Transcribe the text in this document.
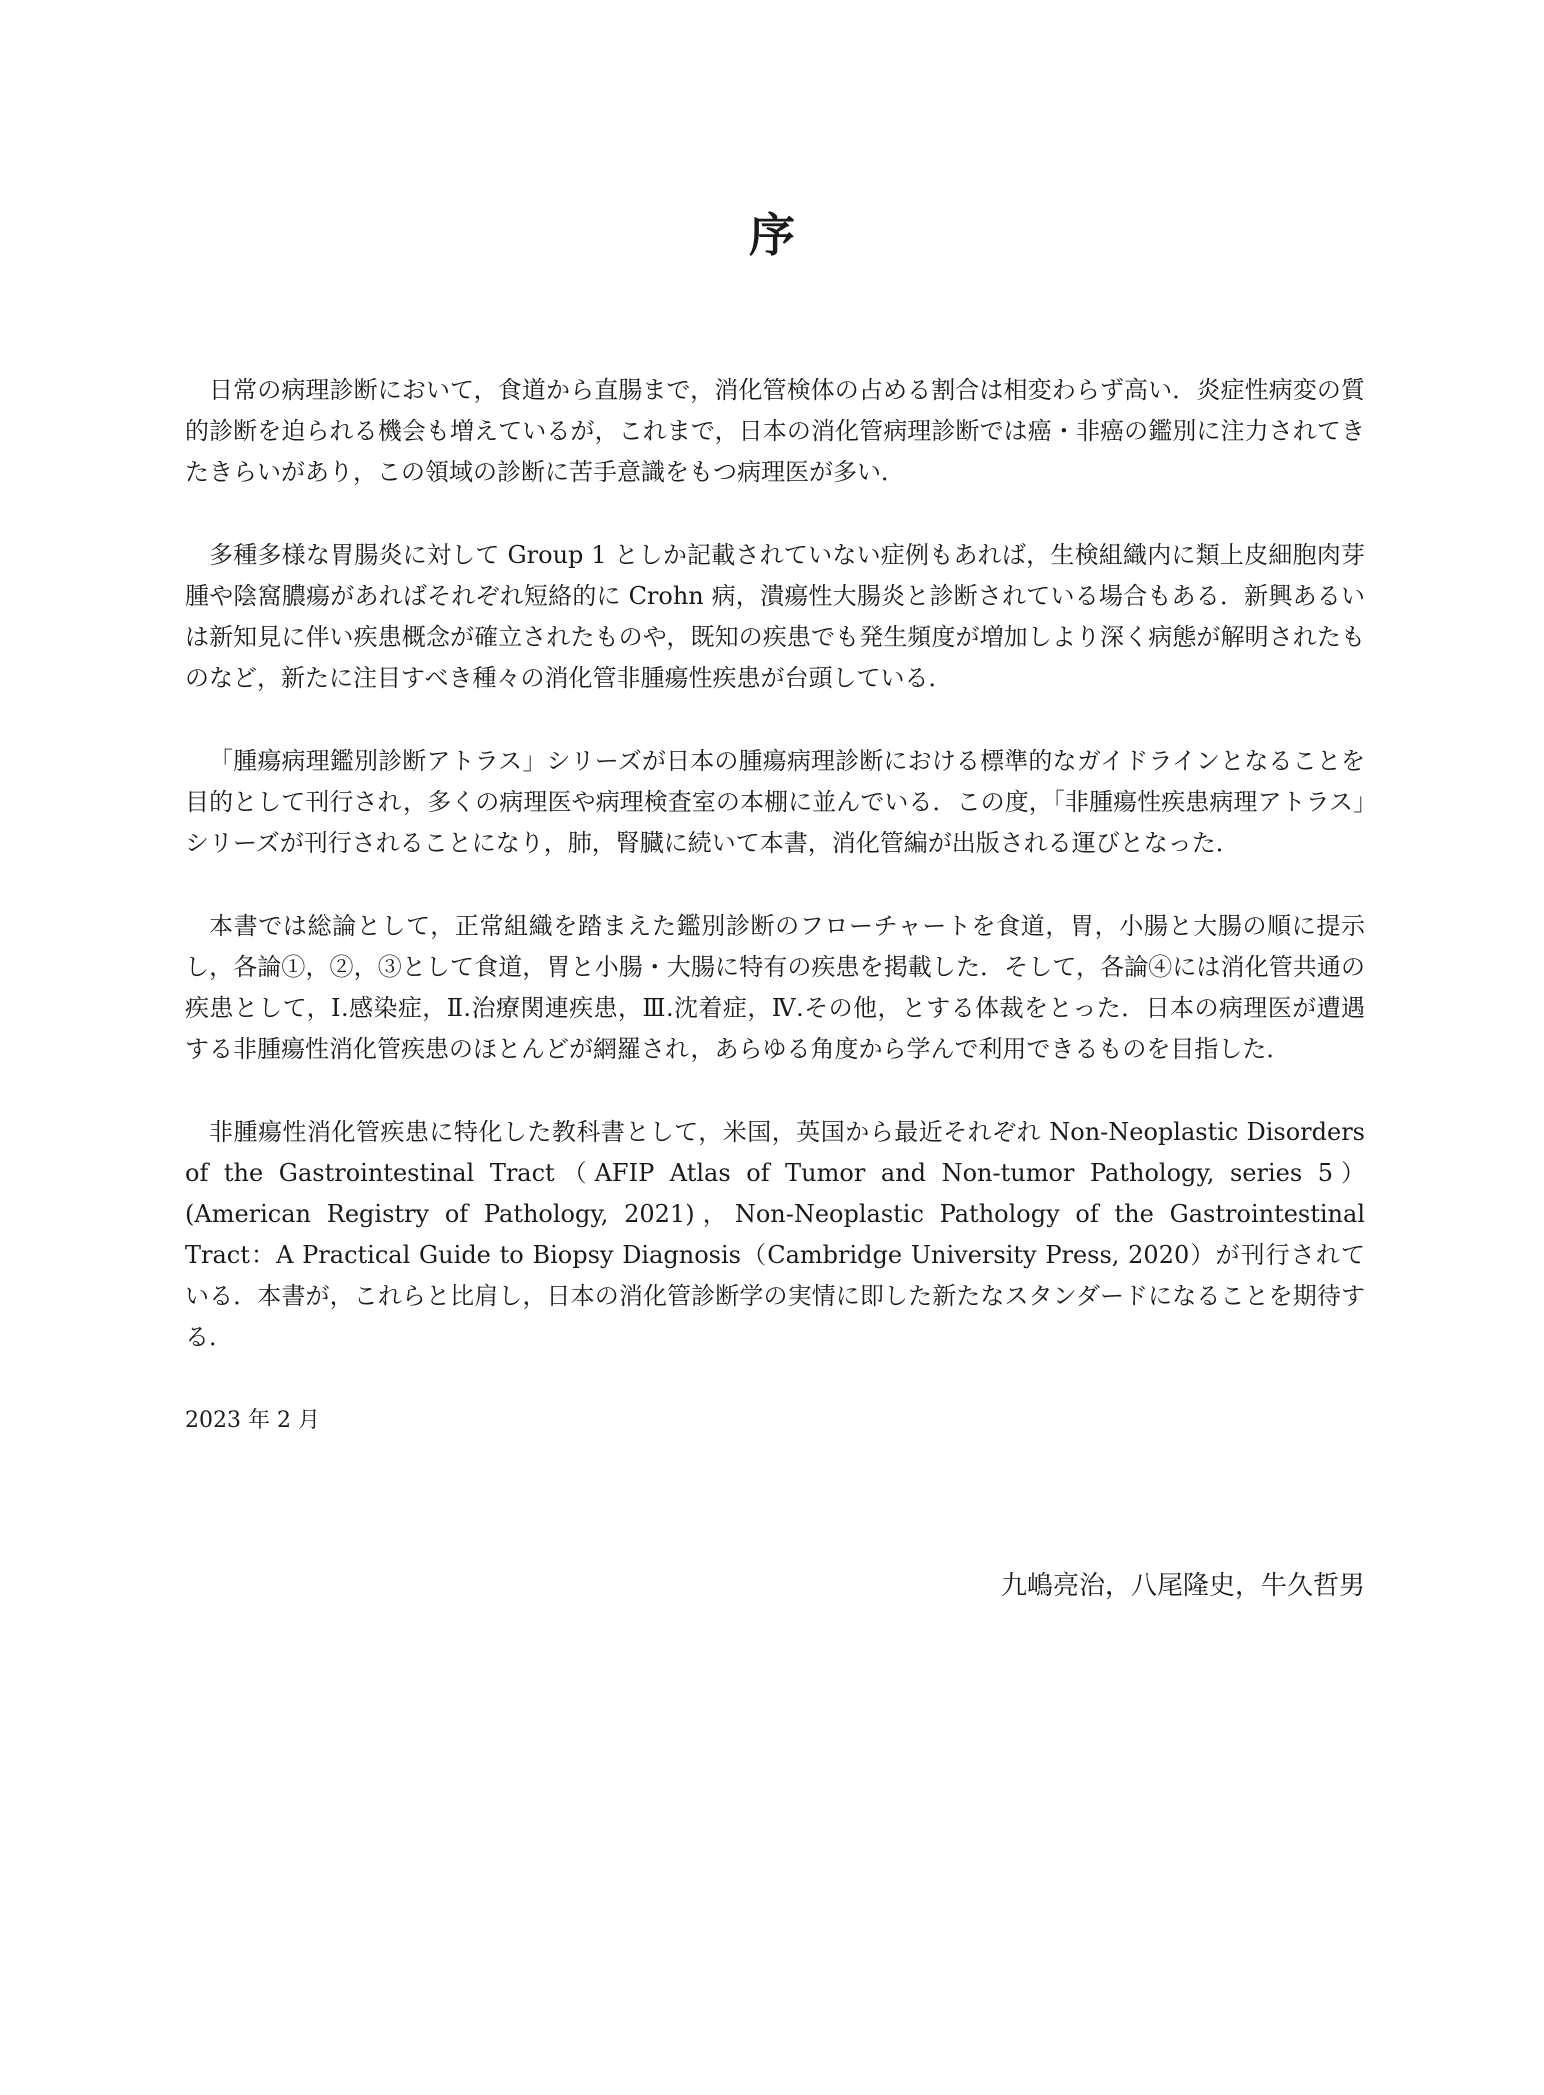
序

日常の病理診断において，食道から直腸まで，消化管検体の占める割合は相変わらず高い．炎症性病変の質的診断を迫られる機会も増えているが，これまで，日本の消化管病理診断では癌・非癌の鑑別に注力されてきたきらいがあり，この領域の診断に苦手意識をもつ病理医が多い．

多種多様な胃腸炎に対して Group 1 としか記載されていない症例もあれば，生検組織内に類上皮細胞肉芽腫や陰窩膿瘍があればそれぞれ短絡的に Crohn 病，潰瘍性大腸炎と診断されている場合もある．新興あるいは新知見に伴い疾患概念が確立されたものや，既知の疾患でも発生頻度が増加しより深く病態が解明されたものなど，新たに注目すべき種々の消化管非腫瘍性疾患が台頭している．

「腫瘍病理鑑別診断アトラス」シリーズが日本の腫瘍病理診断における標準的なガイドラインとなることを目的として刊行され，多くの病理医や病理検査室の本棚に並んでいる．この度，「非腫瘍性疾患病理アトラス」シリーズが刊行されることになり，肺，腎臓に続いて本書，消化管編が出版される運びとなった．

本書では総論として，正常組織を踏まえた鑑別診断のフローチャートを食道，胃，小腸と大腸の順に提示し，各論①，②，③として食道，胃と小腸・大腸に特有の疾患を掲載した．そして，各論④には消化管共通の疾患として，Ⅰ.感染症，Ⅱ.治療関連疾患，Ⅲ.沈着症，Ⅳ.その他，とする体裁をとった．日本の病理医が遭遇する非腫瘍性消化管疾患のほとんどが網羅され，あらゆる角度から学んで利用できるものを目指した．

非腫瘍性消化管疾患に特化した教科書として，米国，英国から最近それぞれ Non-Neoplastic Disorders of the Gastrointestinal Tract（AFIP Atlas of Tumor and Non-tumor Pathology, series 5）(American Registry of Pathology, 2021)，Non-Neoplastic Pathology of the Gastrointestinal Tract：A Practical Guide to Biopsy Diagnosis（Cambridge University Press, 2020）が刊行されている．本書が，これらと比肩し，日本の消化管診断学の実情に即した新たなスタンダードになることを期待する．

2023 年 2 月

九嶋亮治，八尾隆史，牛久哲男
